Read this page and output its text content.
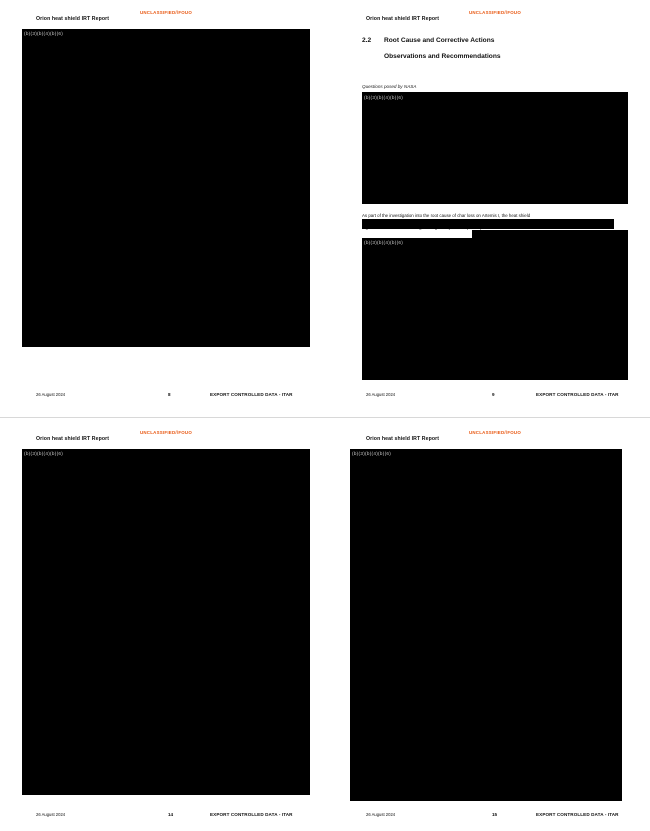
UNCLASSIFIED//FOUO
Orion heat shield IRT Report
(b)(3)(b)(4)(b)(6)
26 August 2024	8	EXPORT CONTROLLED DATA - ITAR
UNCLASSIFIED//FOUO
Orion heat shield IRT Report
2.2 Root Cause and Corrective Actions
Observations and Recommendations
Questions posed by NASA
(b)(3)(b)(4)(b)(6)
As part of the investigation into the root cause of char loss on Artemis I, the heat shield
(b)(3)(b)(4)(b)(6)
26 August 2024	9	EXPORT CONTROLLED DATA - ITAR
UNCLASSIFIED//FOUO
Orion heat shield IRT Report
(b)(3)(b)(4)(b)(6)
26 August 2024	14	EXPORT CONTROLLED DATA - ITAR
UNCLASSIFIED//FOUO
Orion heat shield IRT Report
(b)(3)(b)(4)(b)(6)
26 August 2024	15	EXPORT CONTROLLED DATA - ITAR
